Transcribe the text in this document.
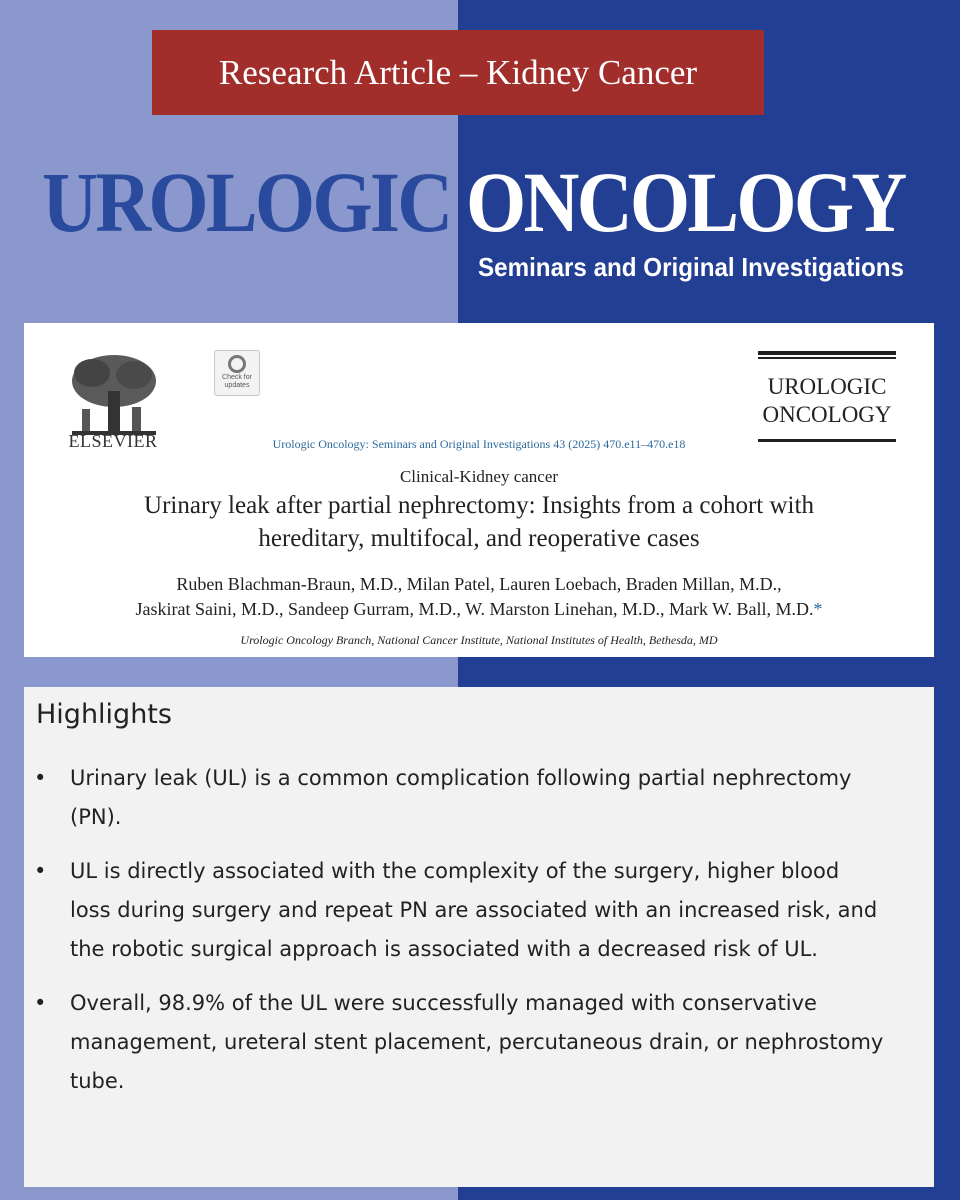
Research Article – Kidney Cancer
UROLOGIC ONCOLOGY
Seminars and Original Investigations
ELSEVIER
Check for updates
Urologic Oncology: Seminars and Original Investigations 43 (2025) 470.e11–470.e18
UROLOGIC
ONCOLOGY
Clinical-Kidney cancer
Urinary leak after partial nephrectomy: Insights from a cohort with
hereditary, multifocal, and reoperative cases
Ruben Blachman-Braun, M.D., Milan Patel, Lauren Loebach, Braden Millan, M.D.,
Jaskirat Saini, M.D., Sandeep Gurram, M.D., W. Marston Linehan, M.D., Mark W. Ball, M.D.*
Urologic Oncology Branch, National Cancer Institute, National Institutes of Health, Bethesda, MD
Highlights
• Urinary leak (UL) is a common complication following partial nephrectomy (PN).
• UL is directly associated with the complexity of the surgery, higher blood loss during surgery and repeat PN are associated with an increased risk, and the robotic surgical approach is associated with a decreased risk of UL.
• Overall, 98.9% of the UL were successfully managed with conservative management, ureteral stent placement, percutaneous drain, or nephrostomy tube.
